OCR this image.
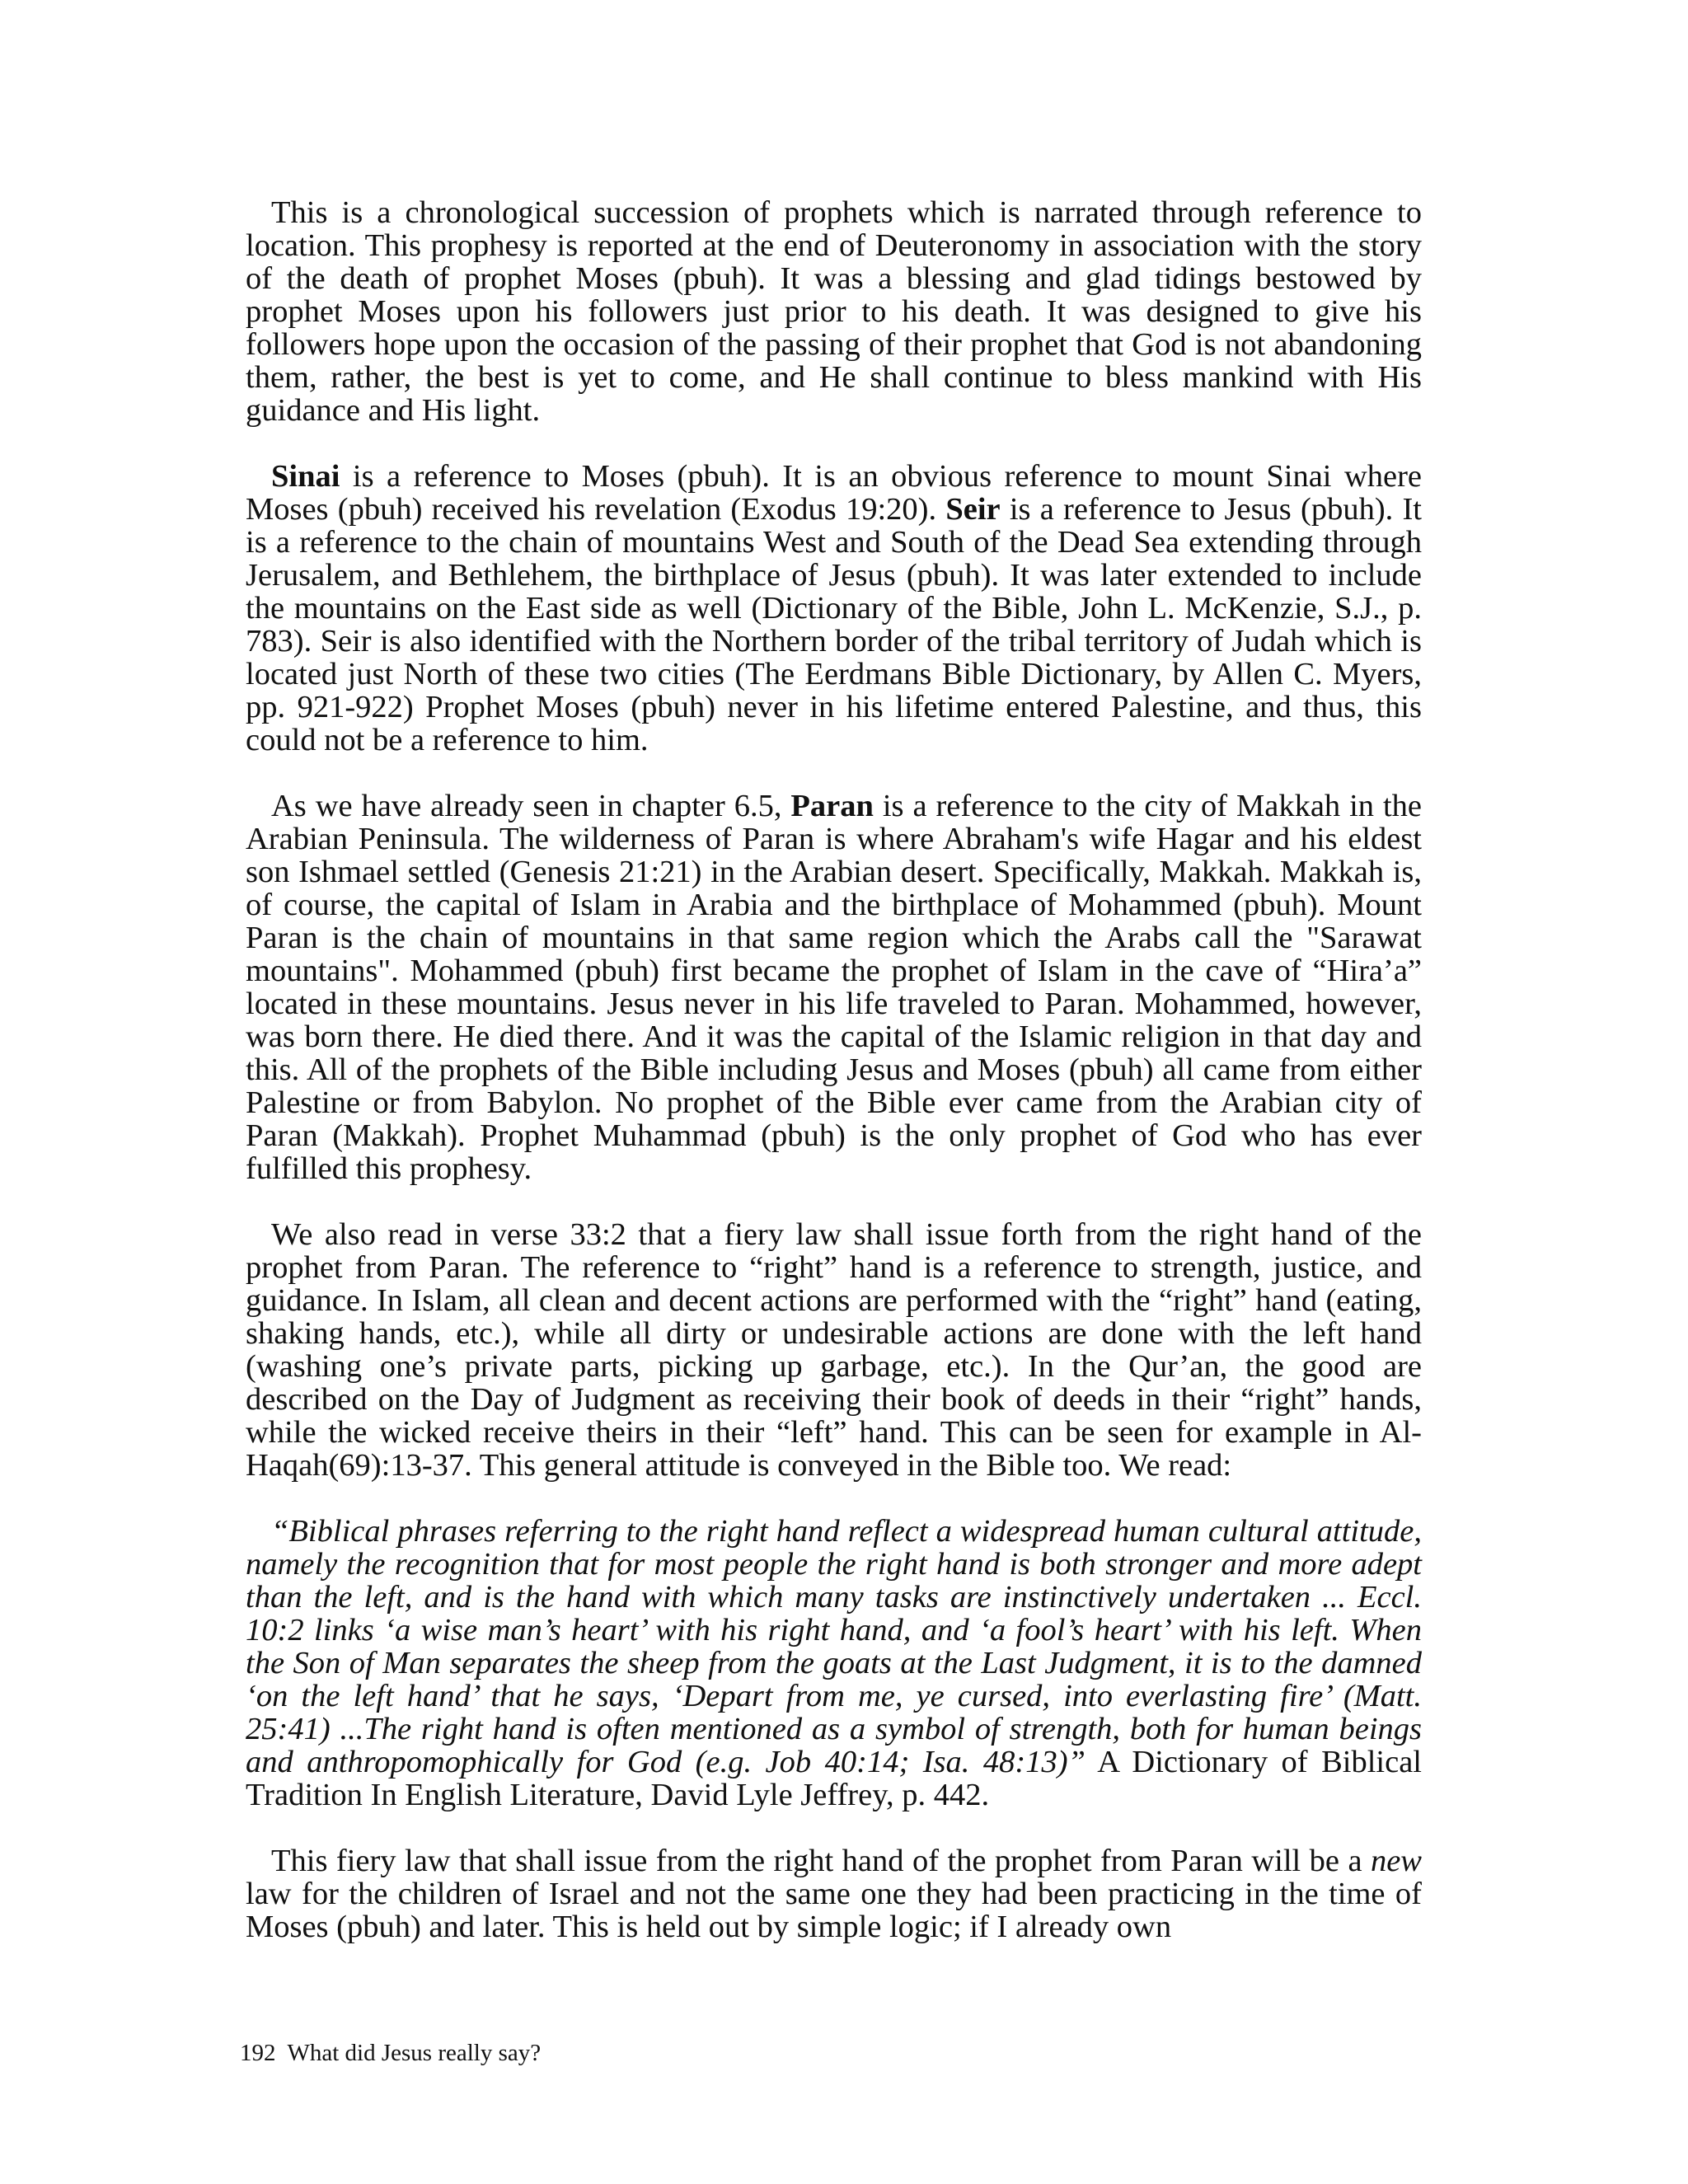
This is a chronological succession of prophets which is narrated through reference to location. This prophesy is reported at the end of Deuteronomy in association with the story of the death of prophet Moses (pbuh). It was a blessing and glad tidings bestowed by prophet Moses upon his followers just prior to his death. It was designed to give his followers hope upon the occasion of the passing of their prophet that God is not abandoning them, rather, the best is yet to come, and He shall continue to bless mankind with His guidance and His light.

Sinai is a reference to Moses (pbuh). It is an obvious reference to mount Sinai where Moses (pbuh) received his revelation (Exodus 19:20). Seir is a reference to Jesus (pbuh). It is a reference to the chain of mountains West and South of the Dead Sea extending through Jerusalem, and Bethlehem, the birthplace of Jesus (pbuh). It was later extended to include the mountains on the East side as well (Dictionary of the Bible, John L. McKenzie, S.J., p. 783). Seir is also identified with the Northern border of the tribal territory of Judah which is located just North of these two cities (The Eerdmans Bible Dictionary, by Allen C. Myers, pp. 921-922) Prophet Moses (pbuh) never in his lifetime entered Palestine, and thus, this could not be a reference to him.

As we have already seen in chapter 6.5, Paran is a reference to the city of Makkah in the Arabian Peninsula. The wilderness of Paran is where Abraham's wife Hagar and his eldest son Ishmael settled (Genesis 21:21) in the Arabian desert. Specifically, Makkah. Makkah is, of course, the capital of Islam in Arabia and the birthplace of Mohammed (pbuh). Mount Paran is the chain of mountains in that same region which the Arabs call the "Sarawat mountains". Mohammed (pbuh) first became the prophet of Islam in the cave of “Hira’a” located in these mountains. Jesus never in his life traveled to Paran. Mohammed, however, was born there. He died there. And it was the capital of the Islamic religion in that day and this. All of the prophets of the Bible including Jesus and Moses (pbuh) all came from either Palestine or from Babylon. No prophet of the Bible ever came from the Arabian city of Paran (Makkah). Prophet Muhammad (pbuh) is the only prophet of God who has ever fulfilled this prophesy.

We also read in verse 33:2 that a fiery law shall issue forth from the right hand of the prophet from Paran. The reference to “right” hand is a reference to strength, justice, and guidance. In Islam, all clean and decent actions are performed with the “right” hand (eating, shaking hands, etc.), while all dirty or undesirable actions are done with the left hand (washing one’s private parts, picking up garbage, etc.). In the Qur’an, the good are described on the Day of Judgment as receiving their book of deeds in their “right” hands, while the wicked receive theirs in their “left” hand. This can be seen for example in Al-Haqah(69):13-37. This general attitude is conveyed in the Bible too. We read:

“Biblical phrases referring to the right hand reflect a widespread human cultural attitude, namely the recognition that for most people the right hand is both stronger and more adept than the left, and is the hand with which many tasks are instinctively undertaken ... Eccl. 10:2 links ‘a wise man’s heart’ with his right hand, and ‘a fool’s heart’ with his left. When the Son of Man separates the sheep from the goats at the Last Judgment, it is to the damned ‘on the left hand’ that he says, ‘Depart from me, ye cursed, into everlasting fire’ (Matt. 25:41) ...The right hand is often mentioned as a symbol of strength, both for human beings and anthropomophically for God (e.g. Job 40:14; Isa. 48:13)” A Dictionary of Biblical Tradition In English Literature, David Lyle Jeffrey, p. 442.

This fiery law that shall issue from the right hand of the prophet from Paran will be a new law for the children of Israel and not the same one they had been practicing in the time of Moses (pbuh) and later. This is held out by simple logic; if I already own

192 What did Jesus really say?
